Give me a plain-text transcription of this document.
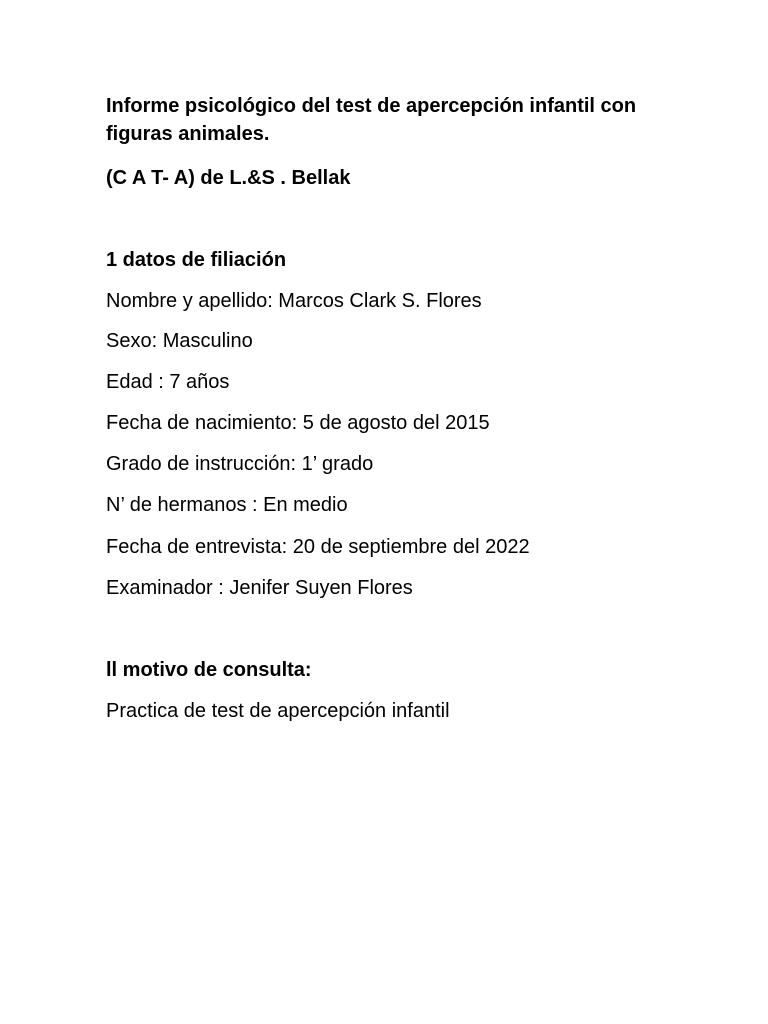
Informe psicológico del test de apercepción infantil con
figuras animales.
(C A T- A) de L.&S . Bellak
1 datos de filiación
Nombre y apellido: Marcos Clark S. Flores
Sexo: Masculino
Edad : 7 años
Fecha de nacimiento: 5 de agosto del 2015
Grado de instrucción: 1’ grado
N’ de hermanos : En medio
Fecha de entrevista: 20 de septiembre del 2022
Examinador : Jenifer Suyen Flores
ll motivo de consulta:
Practica de test de apercepción infantil
